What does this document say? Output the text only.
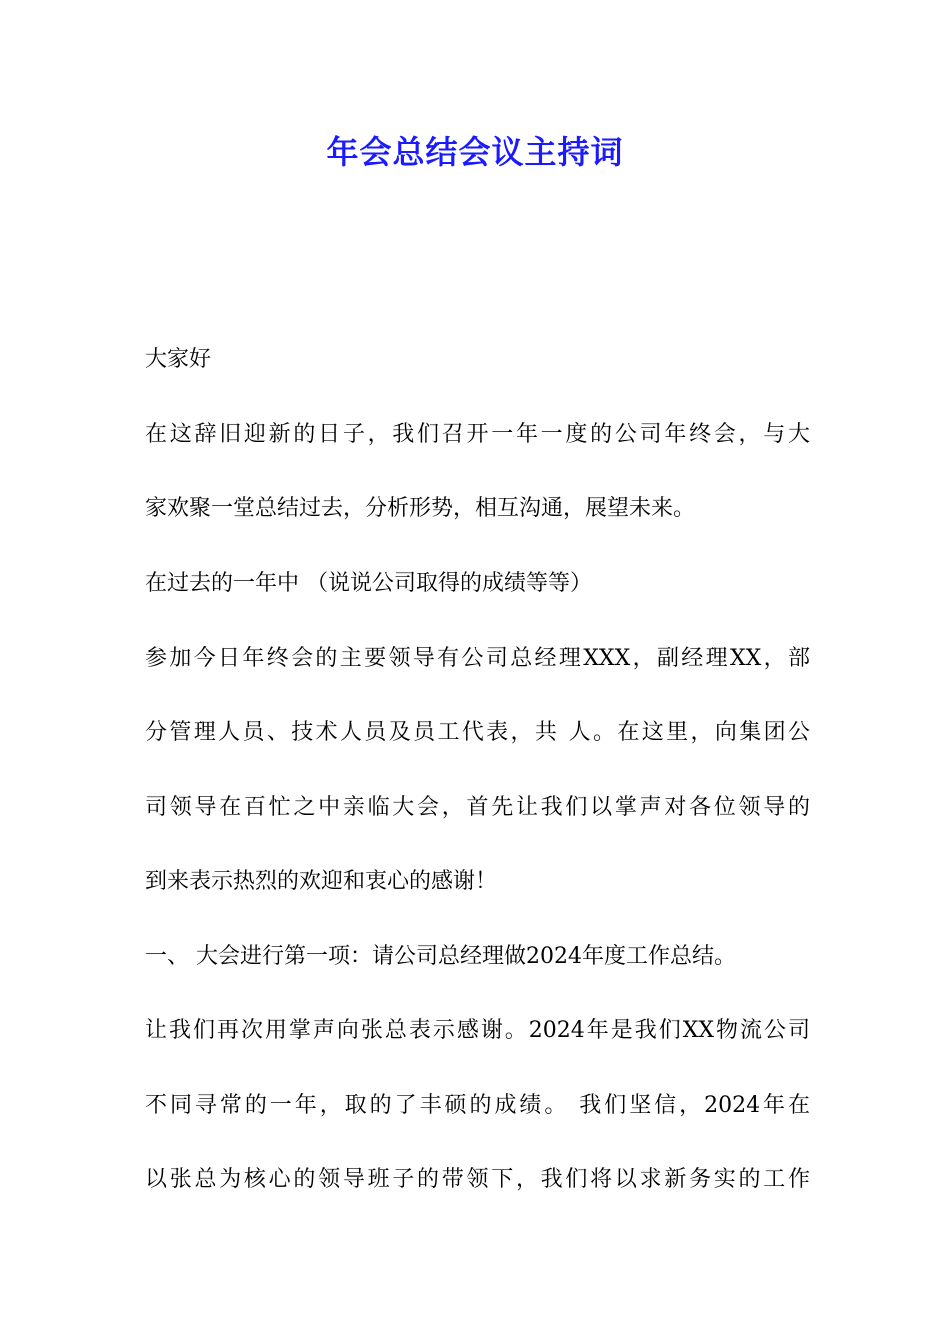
年会总结会议主持词
大家好
在这辞旧迎新的日子，我们召开一年一度的公司年终会，与大
家欢聚一堂总结过去，分析形势，相互沟通，展望未来。
在过去的一年中 （说说公司取得的成绩等等）
参加今日年终会的主要领导有公司总经理XXX，副经理XX，部
分管理人员、技术人员及员工代表，共 人。在这里，向集团公
司领导在百忙之中亲临大会，首先让我们以掌声对各位领导的
到来表示热烈的欢迎和衷心的感谢！
一、 大会进行第一项：请公司总经理做2024年度工作总结。
让我们再次用掌声向张总表示感谢。2024年是我们XX物流公司
不同寻常的一年，取的了丰硕的成绩。 我们坚信，2024年在
以张总为核心的领导班子的带领下，我们将以求新务实的工作
